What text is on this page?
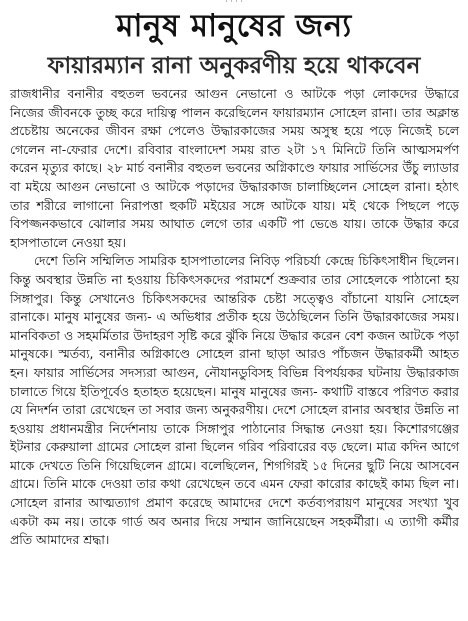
· · · ·
মানুষ মানুষের জন্য
ফায়ারম্যান রানা অনুকরণীয় হয়ে থাকবেন

রাজধানীর বনানীর বহুতল ভবনের আগুন নেভানো ও আটকে পড়া লোকদের উদ্ধারে নিজের জীবনকে তুচ্ছ করে দায়িত্ব পালন করেছিলেন ফায়ারম্যান সোহেল রানা। তার অক্লান্ত প্রচেষ্টায় অনেকের জীবন রক্ষা পেলেও উদ্ধারকাজের সময় অসুস্থ হয়ে পড়ে নিজেই চলে গেলেন না-ফেরার দেশে। রবিবার বাংলাদেশ সময় রাত ২টা ১৭ মিনিটে তিনি আত্মসমর্পণ করেন মৃত্যুর কাছে। ২৮ মার্চ বনানীর বহুতল ভবনের অগ্নিকাণ্ডে ফায়ার সার্ভিসের উঁচু ল্যাডার বা মইয়ে আগুন নেভানো ও আটকে পড়াদের উদ্ধারকাজ চালাচ্ছিলেন সোহেল রানা। হঠাৎ তার শরীরে লাগানো নিরাপত্তা হুকটি মইয়ের সঙ্গে আটকে যায়। মই থেকে পিছলে পড়ে বিপজ্জনকভাবে ঝোলার সময় আঘাত লেগে তার একটি পা ভেঙে যায়। তাকে উদ্ধার করে হাসপাতালে নেওয়া হয়।

দেশে তিনি সম্মিলিত সামরিক হাসপাতালের নিবিড় পরিচর্যা কেন্দ্রে চিকিৎসাধীন ছিলেন। কিন্তু অবস্থার উন্নতি না হওয়ায় চিকিৎসকদের পরামর্শে শুক্রবার তার সোহেলকে পাঠানো হয় সিঙ্গাপুর। কিন্তু সেখানেও চিকিৎসকদের আন্তরিক চেষ্টা সত্ত্বেও বাঁচানো যায়নি সোহেল রানাকে। মানুষ মানুষের জন্য- এ অভিধার প্রতীক হয়ে উঠেছিলেন তিনি উদ্ধারকাজের সময়। মানবিকতা ও সহমর্মিতার উদাহরণ সৃষ্টি করে ঝুঁকি নিয়ে উদ্ধার করেন বেশ কজন আটকে পড়া মানুষকে। স্মর্তব্য, বনানীর অগ্নিকাণ্ডে সোহেল রানা ছাড়া আরও পাঁচজন উদ্ধারকর্মী আহত হন। ফায়ার সার্ভিসের সদস্যরা আগুন, নৌযানডুবিসহ বিভিন্ন বিপর্যয়কর ঘটনায় উদ্ধারকাজ চালাতে গিয়ে ইতিপূর্বেও হতাহত হয়েছেন। মানুষ মানুষের জন্য- কথাটি বাস্তবে পরিণত করার যে নিদর্শন তারা রেখেছেন তা সবার জন্য অনুকরণীয়। দেশে সোহেল রানার অবস্থার উন্নতি না হওয়ায় প্রধানমন্ত্রীর নির্দেশনায় তাকে সিঙ্গাপুর পাঠানোর সিদ্ধান্ত নেওয়া হয়। কিশোরগঞ্জের ইটনার কেরুয়ালা গ্রামের সোহেল রানা ছিলেন গরিব পরিবারের বড় ছেলে। মাত্র কদিন আগে মাকে দেখতে তিনি গিয়েছিলেন গ্রামে। বলেছিলেন, শিগগিরই ১৫ দিনের ছুটি নিয়ে আসবেন গ্রামে। তিনি মাকে দেওয়া তার কথা রেখেছেন তবে এমন ফেরা কারোর কাছেই কাম্য ছিল না। সোহেল রানার আত্মত্যাগ প্রমাণ করেছে আমাদের দেশে কর্তব্যপরায়ণ মানুষের সংখ্যা খুব একটা কম নয়। তাকে গার্ড অব অনার দিয়ে সম্মান জানিয়েছেন সহকর্মীরা। এ ত্যাগী কর্মীর প্রতি আমাদের শ্রদ্ধা।
